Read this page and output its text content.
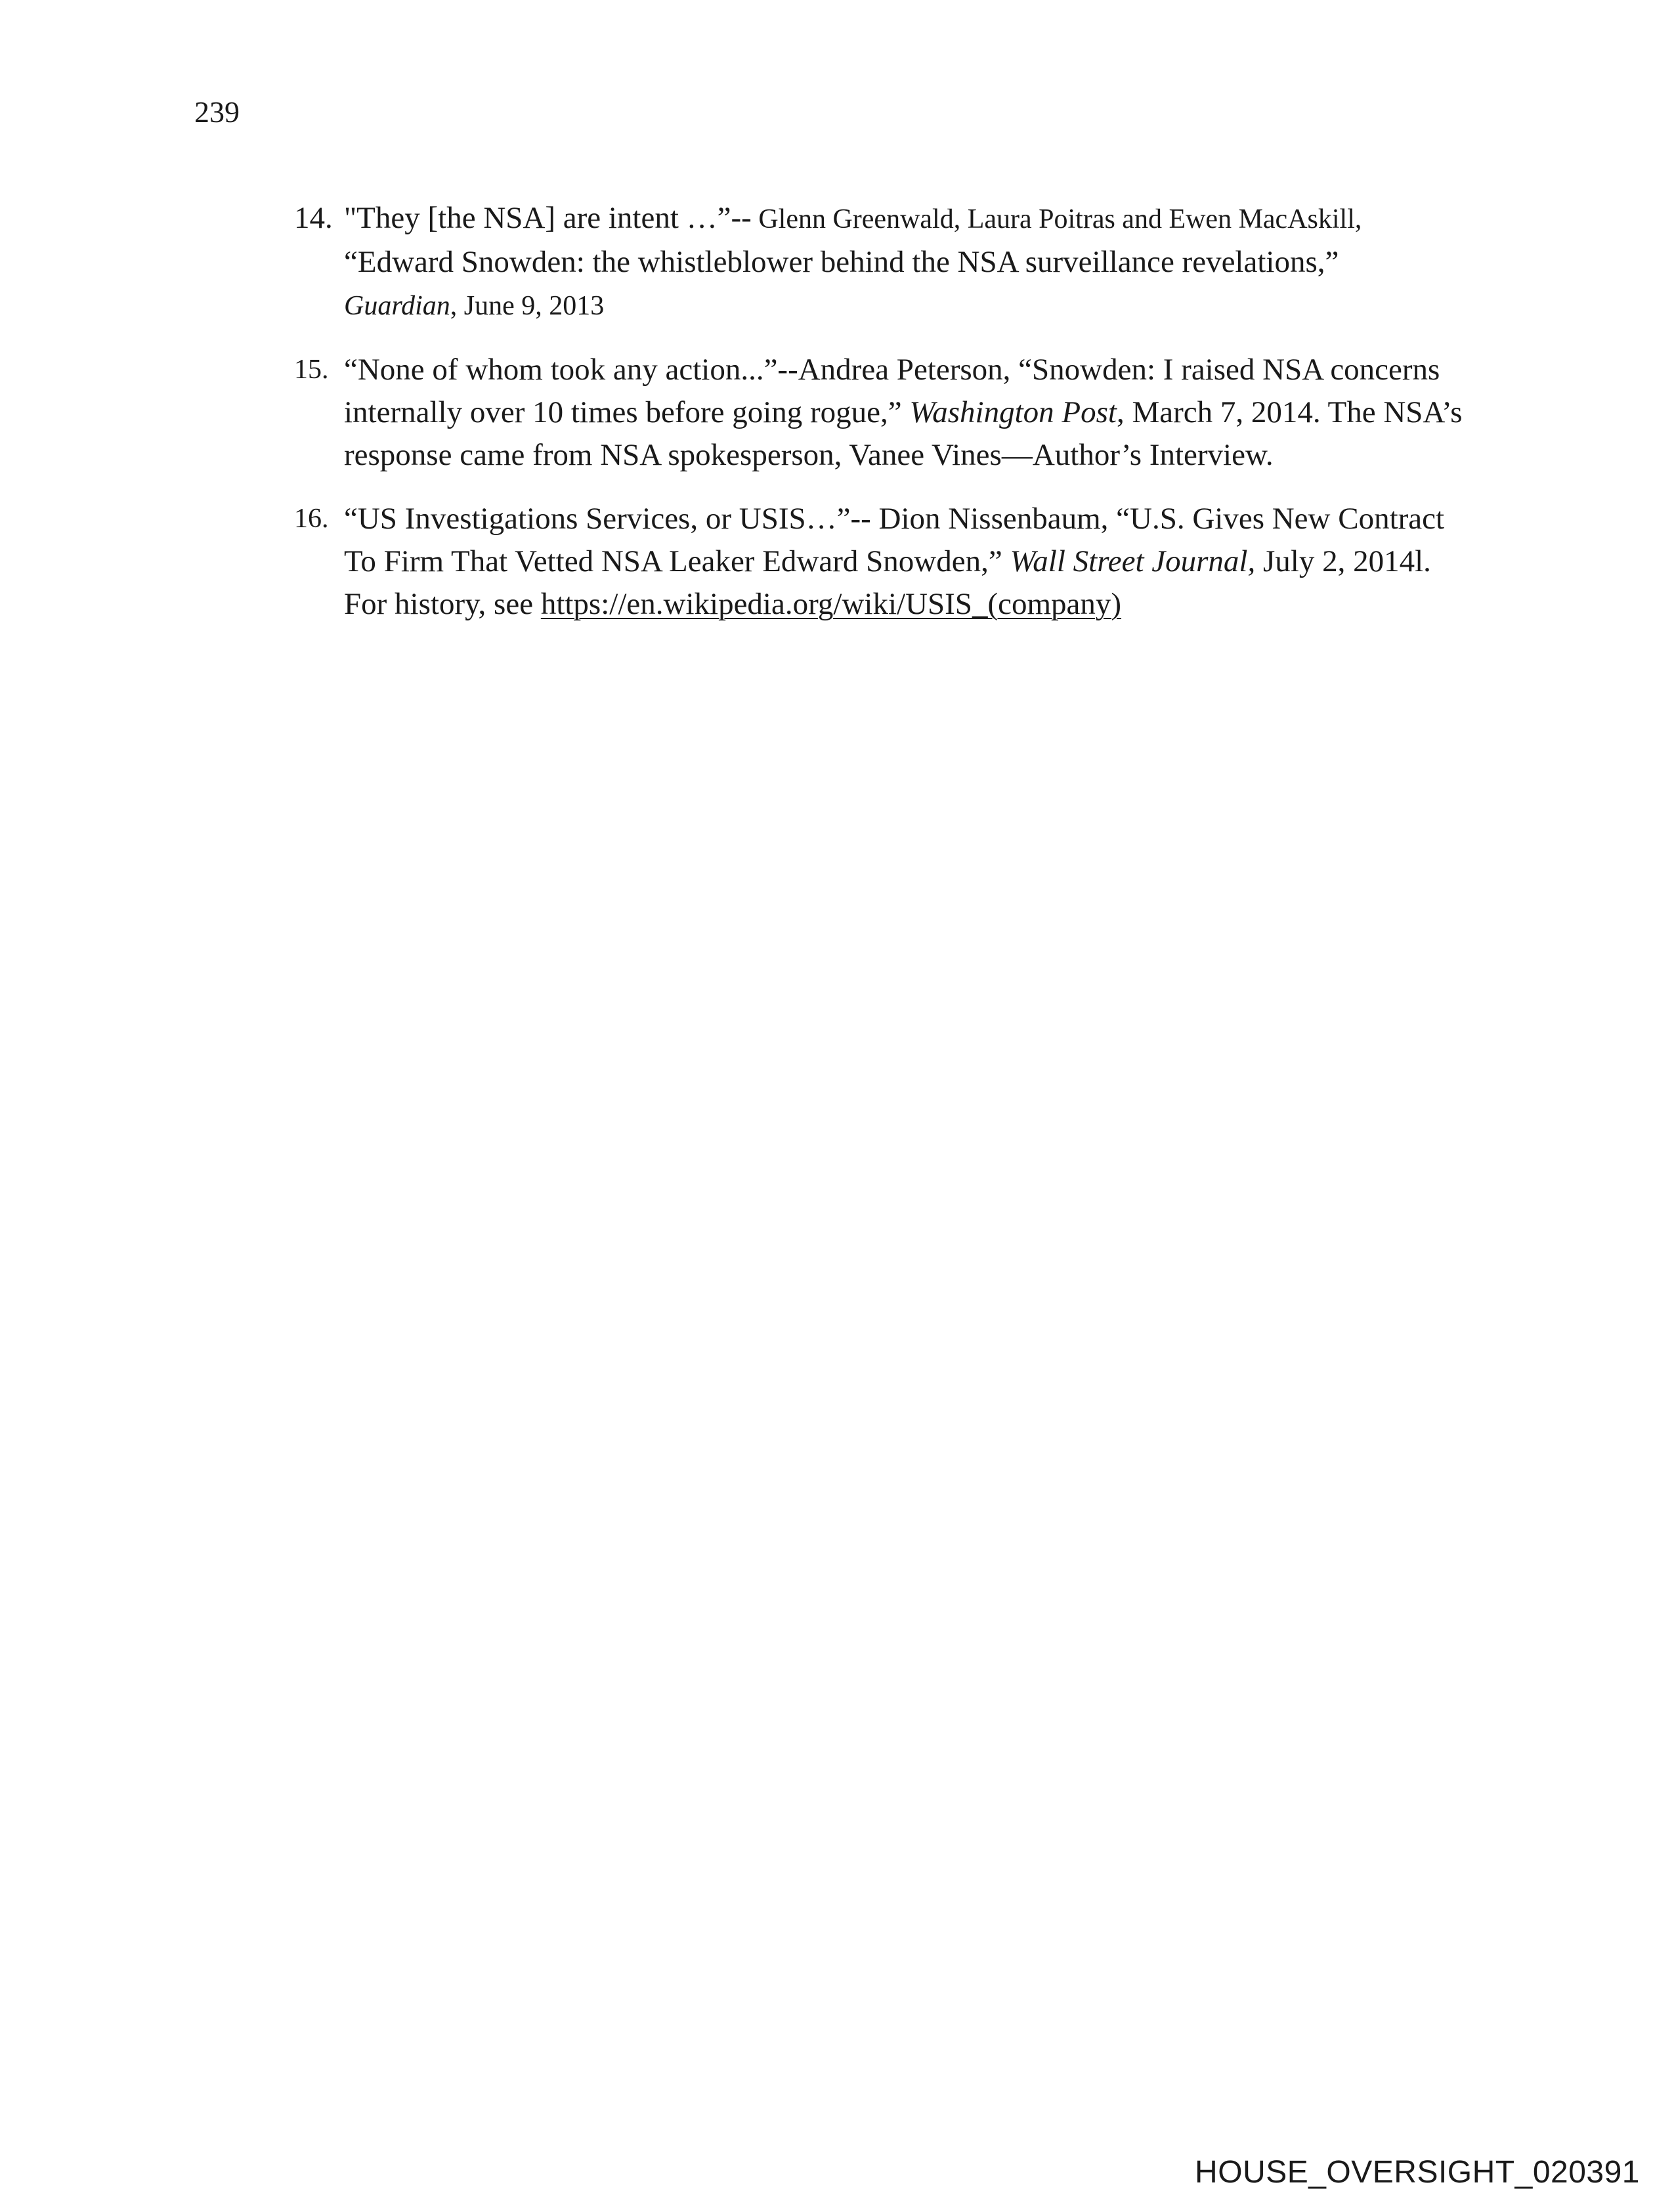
239
14. "They [the NSA] are intent …”-- Glenn Greenwald, Laura Poitras and Ewen MacAskill,
“Edward Snowden: the whistleblower behind the NSA surveillance revelations,”
Guardian, June 9, 2013
15. “None of whom took any action...”--Andrea Peterson, “Snowden: I raised NSA concerns internally over 10 times before going rogue,” Washington Post, March 7, 2014. The NSA’s response came from NSA spokesperson, Vanee Vines—Author’s Interview.
16. “US Investigations Services, or USIS…”-- Dion Nissenbaum, “U.S. Gives New Contract To Firm That Vetted NSA Leaker Edward Snowden,” Wall Street Journal, July 2, 2014l. For history, see https://en.wikipedia.org/wiki/USIS_(company)
HOUSE_OVERSIGHT_020391
